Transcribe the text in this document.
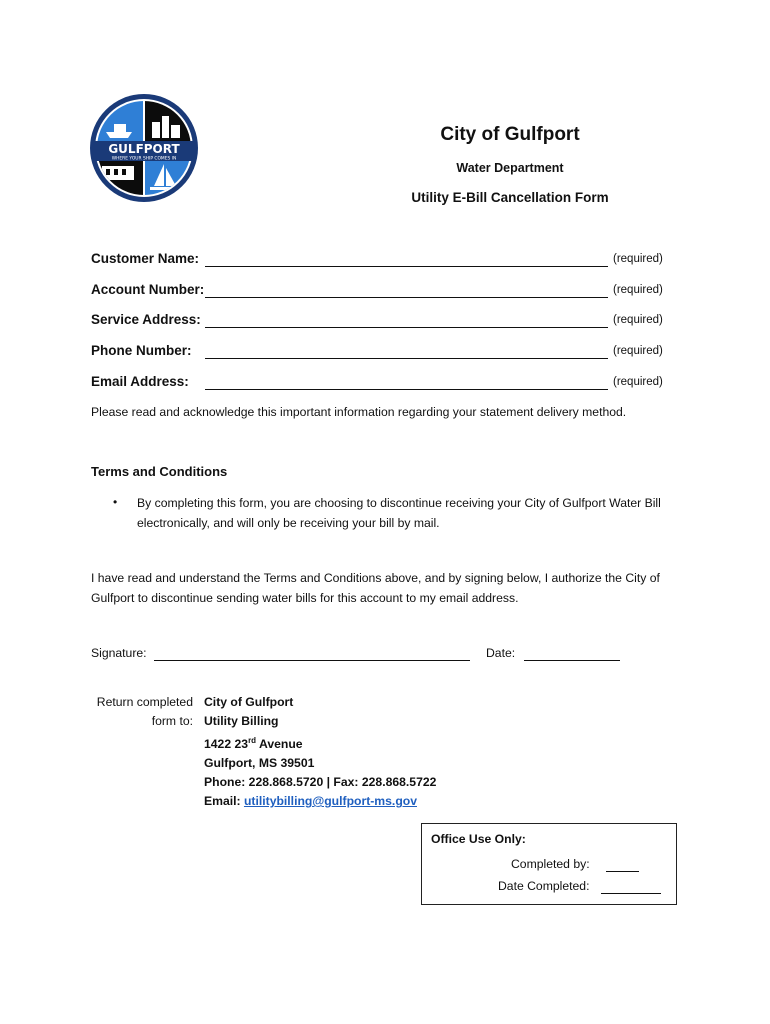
GULFPORT
WHERE YOUR SHIP COMES IN
City of Gulfport
Water Department
Utility E-Bill Cancellation Form
Customer Name:	(required)
Account Number:	(required)
Service Address:	(required)
Phone Number:	(required)
Email Address:	(required)
Please read and acknowledge this important information regarding your statement delivery method.
Terms and Conditions
• By completing this form, you are choosing to discontinue receiving your City of Gulfport Water Bill electronically, and will only be receiving your bill by mail.
I have read and understand the Terms and Conditions above, and by signing below, I authorize the City of Gulfport to discontinue sending water bills for this account to my email address.
Signature:	Date:
Return completed
form to:
City of Gulfport
Utility Billing
1422 23rd Avenue
Gulfport, MS 39501
Phone: 228.868.5720 | Fax: 228.868.5722
Email: utilitybilling@gulfport-ms.gov
Office Use Only:
Completed by:
Date Completed:
